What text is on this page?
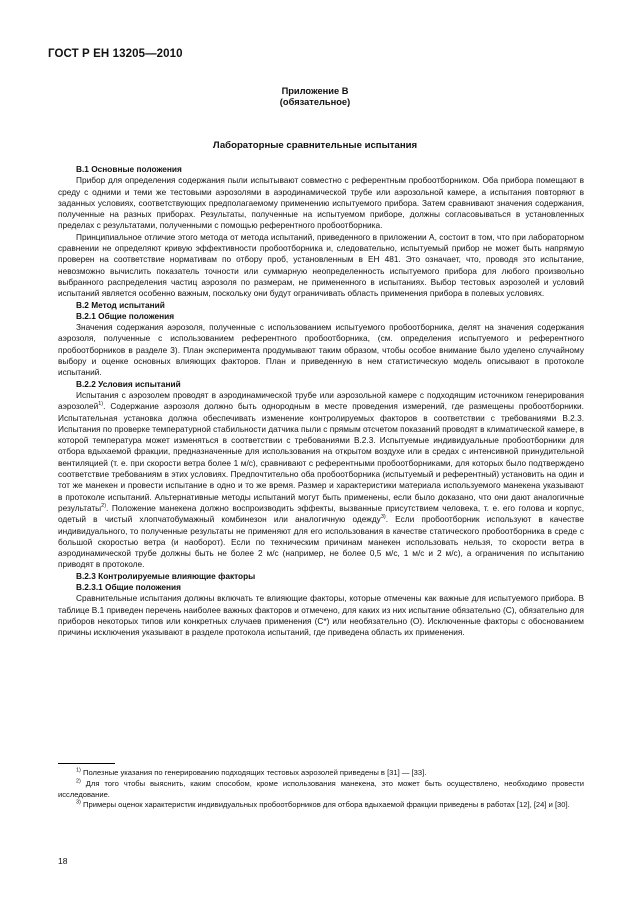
ГОСТ Р ЕН 13205—2010
Приложение В
(обязательное)
Лабораторные сравнительные испытания
В.1 Основные положения

Прибор для определения содержания пыли испытывают совместно с референтным пробоотборником. Оба прибора помещают в среду с одними и теми же тестовыми аэрозолями в аэродинамической трубе или аэрозольной камере, а испытания повторяют в заданных условиях, соответствующих предполагаемому применению испытуемого прибора. Затем сравнивают значения содержания, полученные на разных приборах. Результаты, полученные на испытуемом приборе, должны согласовываться в установленных пределах с результатами, полученными с помощью референтного пробоотборника.

Принципиальное отличие этого метода от метода испытаний, приведенного в приложении А, состоит в том, что при лабораторном сравнении не определяют кривую эффективности пробоотборника и, следовательно, испытуемый прибор не может быть напрямую проверен на соответствие нормативам по отбору проб, установленным в ЕН 481. Это означает, что, проводя это испытание, невозможно вычислить показатель точности или суммарную неопределенность испытуемого прибора для любого произвольно выбранного распределения частиц аэрозоля по размерам, не примененного в испытаниях. Выбор тестовых аэрозолей и условий испытаний является особенно важным, поскольку они будут ограничивать область применения прибора в полевых условиях.

В.2 Метод испытаний
В.2.1 Общие положения

Значения содержания аэрозоля, полученные с использованием испытуемого пробоотборника, делят на значения содержания аэрозоля, полученные с использованием референтного пробоотборника, (см. определения испытуемого и референтного пробоотборников в разделе 3). План эксперимента продумывают таким образом, чтобы особое внимание было уделено случайному выбору и оценке основных влияющих факторов. План и приведенную в нем статистическую модель описывают в протоколе испытаний.

В.2.2 Условия испытаний

Испытания с аэрозолем проводят в аэродинамической трубе или аэрозольной камере с подходящим источником генерирования аэрозолей$^{1)}$. Содержание аэрозоля должно быть однородным в месте проведения измерений, где размещены пробоотборники. Испытательная установка должна обеспечивать изменение контролируемых факторов в соответствии с требованиями В.2.3. Испытания по проверке температурной стабильности датчика пыли с прямым отсчетом показаний проводят в климатической камере, в которой температура может изменяться в соответствии с требованиями В.2.3. Испытуемые индивидуальные пробоотборники для отбора вдыхаемой фракции, предназначенные для использования на открытом воздухе или в средах с интенсивной принудительной вентиляцией (т. е. при скорости ветра более 1 м/с), сравнивают с референтными пробоотборниками, для которых было подтверждено соответствие требованиям в этих условиях. Предпочтительно оба пробоотборника (испытуемый и референтный) установить на один и тот же манекен и провести испытание в одно и то же время. Размер и характеристики материала используемого манекена указывают в протоколе испытаний. Альтернативные методы испытаний могут быть применены, если было доказано, что они дают аналогичные результаты$^{2)}$. Положение манекена должно воспроизводить эффекты, вызванные присутствием человека, т. е. его голова и корпус, одетый в чистый хлопчатобумажный комбинезон или аналогичную одежду$^{3)}$. Если пробоотборник используют в качестве индивидуального, то полученные результаты не применяют для его использования в качестве статического пробоотборника в среде с большой скоростью ветра (и наоборот). Если по техническим причинам манекен использовать нельзя, то скорости ветра в аэродинамической трубе должны быть не более 2 м/с (например, не более 0,5 м/с, 1 м/с и 2 м/с), а ограничения по испытанию приводят в протоколе.

В.2.3 Контролируемые влияющие факторы
В.2.3.1 Общие положения

Сравнительные испытания должны включать те влияющие факторы, которые отмечены как важные для испытуемого прибора. В таблице В.1 приведен перечень наиболее важных факторов и отмечено, для каких из них испытание обязательно (С), обязательно для приборов некоторых типов или конкретных случаев применения (С*) или необязательно (О). Исключенные факторы с обоснованием причины исключения указывают в разделе протокола испытаний, где приведена область их применения.

$^{1)}$ Полезные указания по генерированию подходящих тестовых аэрозолей приведены в [31] — [33].

$^{2)}$ Для того чтобы выяснить, каким способом, кроме использования манекена, это может быть осуществлено, необходимо провести исследование.

$^{3)}$ Примеры оценок характеристик индивидуальных пробоотборников для отбора вдыхаемой фракции приведены в работах [12], [24] и [30].

18
